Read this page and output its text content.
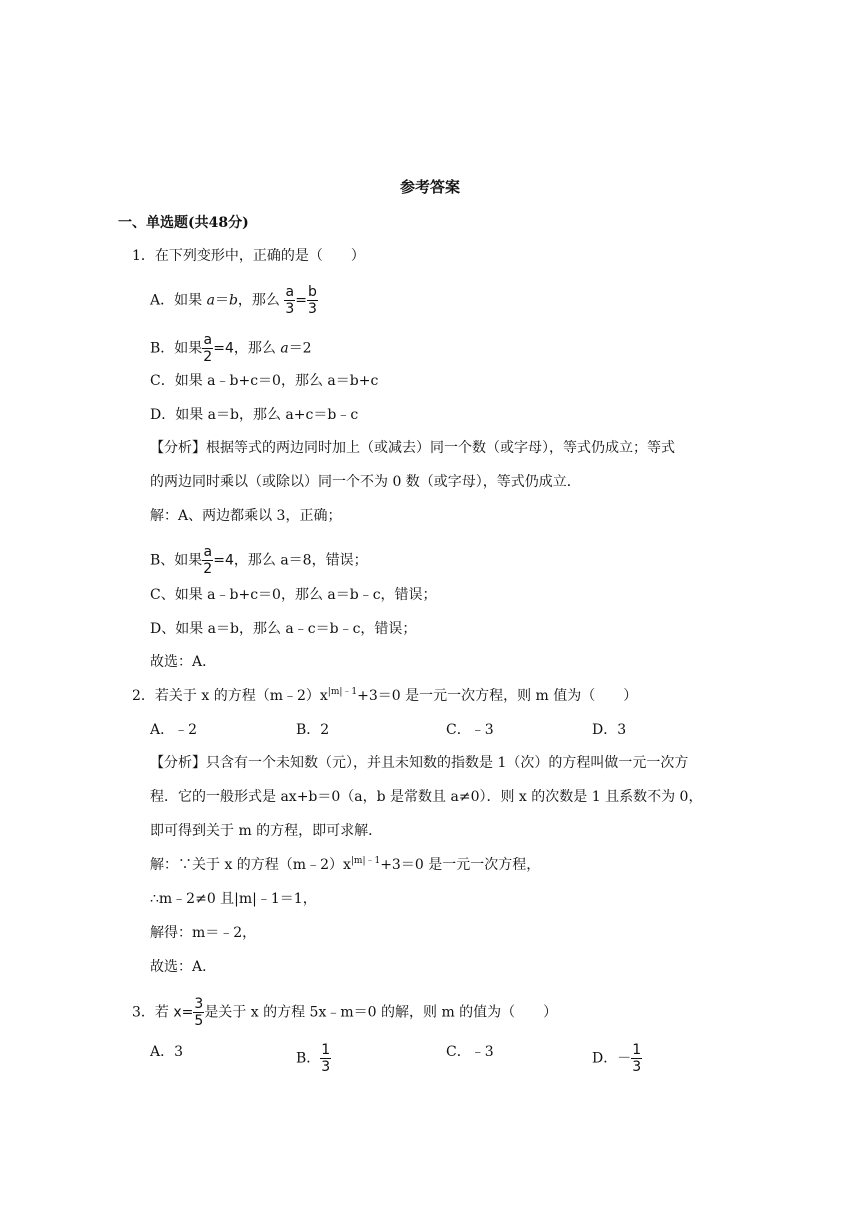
参考答案
一、单选题(共48分)
1．在下列变形中，正确的是（　　）
A．如果 a＝b，那么 $\frac{a}{3} = \frac{b}{3}$
B．如果 $\frac{a}{2} =4$，那么 a＝2
C．如果 a﹣b+c＝0，那么 a＝b+c
D．如果 a＝b，那么 a+c＝b﹣c
【分析】根据等式的两边同时加上（或减去）同一个数（或字母），等式仍成立；等式
的两边同时乘以（或除以）同一个不为 0 数（或字母），等式仍成立．
解：A、两边都乘以 3，正确；
B、如果 $\frac{a}{2} =4$，那么 a＝8，错误；
C、如果 a﹣b+c＝0，那么 a＝b﹣c，错误；
D、如果 a＝b，那么 a﹣c＝b﹣c，错误；
故选：A．
2．若关于 x 的方程$(m﹣2)x^{|m|﹣1}+3=0$ 是一元一次方程，则 m 值为（　　）
A．﹣2	B．2	C．﹣3	D．3
【分析】只含有一个未知数（元），并且未知数的指数是 1（次）的方程叫做一元一次方
程．它的一般形式是 ax+b＝0（a，b 是常数且 a≠0）．则 x 的次数是 1 且系数不为 0，
即可得到关于 m 的方程，即可求解．
解：∵关于 x 的方程$(m﹣2)x^{|m|﹣1}+3=0$ 是一元一次方程，
∴m﹣2≠0 且|m|﹣1＝1，
解得：m＝﹣2，
故选：A．
3．若 $x= \frac{3}{5}$ 是关于 x 的方程 5x﹣m＝0 的解，则 m 的值为（　　）
A．3	B． $\frac{1}{3}$	C．﹣3	D．－ $\frac{1}{3}$
